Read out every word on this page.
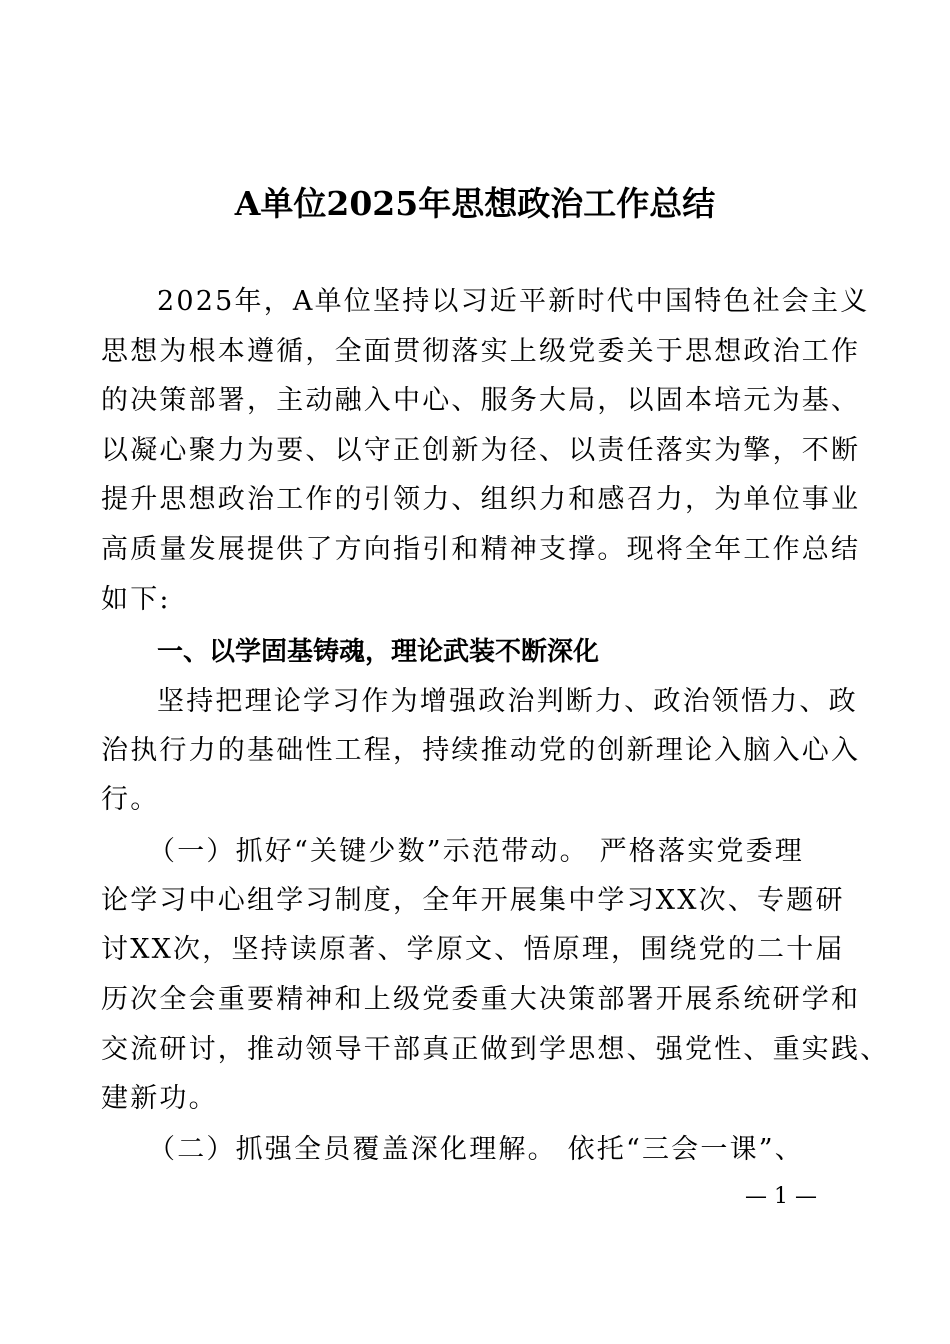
A单位2025年思想政治工作总结
2025年，A单位坚持以习近平新时代中国特色社会主义
思想为根本遵循，全面贯彻落实上级党委关于思想政治工作
的决策部署，主动融入中心、服务大局，以固本培元为基、
以凝心聚力为要、以守正创新为径、以责任落实为擎，不断
提升思想政治工作的引领力、组织力和感召力，为单位事业
高质量发展提供了方向指引和精神支撑。现将全年工作总结
如下:
一、以学固基铸魂，理论武装不断深化
坚持把理论学习作为增强政治判断力、政治领悟力、政
治执行力的基础性工程，持续推动党的创新理论入脑入心入
行。
（一）抓好“关键少数”示范带动。 严格落实党委理
论学习中心组学习制度，全年开展集中学习XX次、专题研
讨XX次，坚持读原著、学原文、悟原理，围绕党的二十届
历次全会重要精神和上级党委重大决策部署开展系统研学和
交流研讨，推动领导干部真正做到学思想、强党性、重实践、
建新功。
（二）抓强全员覆盖深化理解。 依托“三会一课”、
— 1 —
